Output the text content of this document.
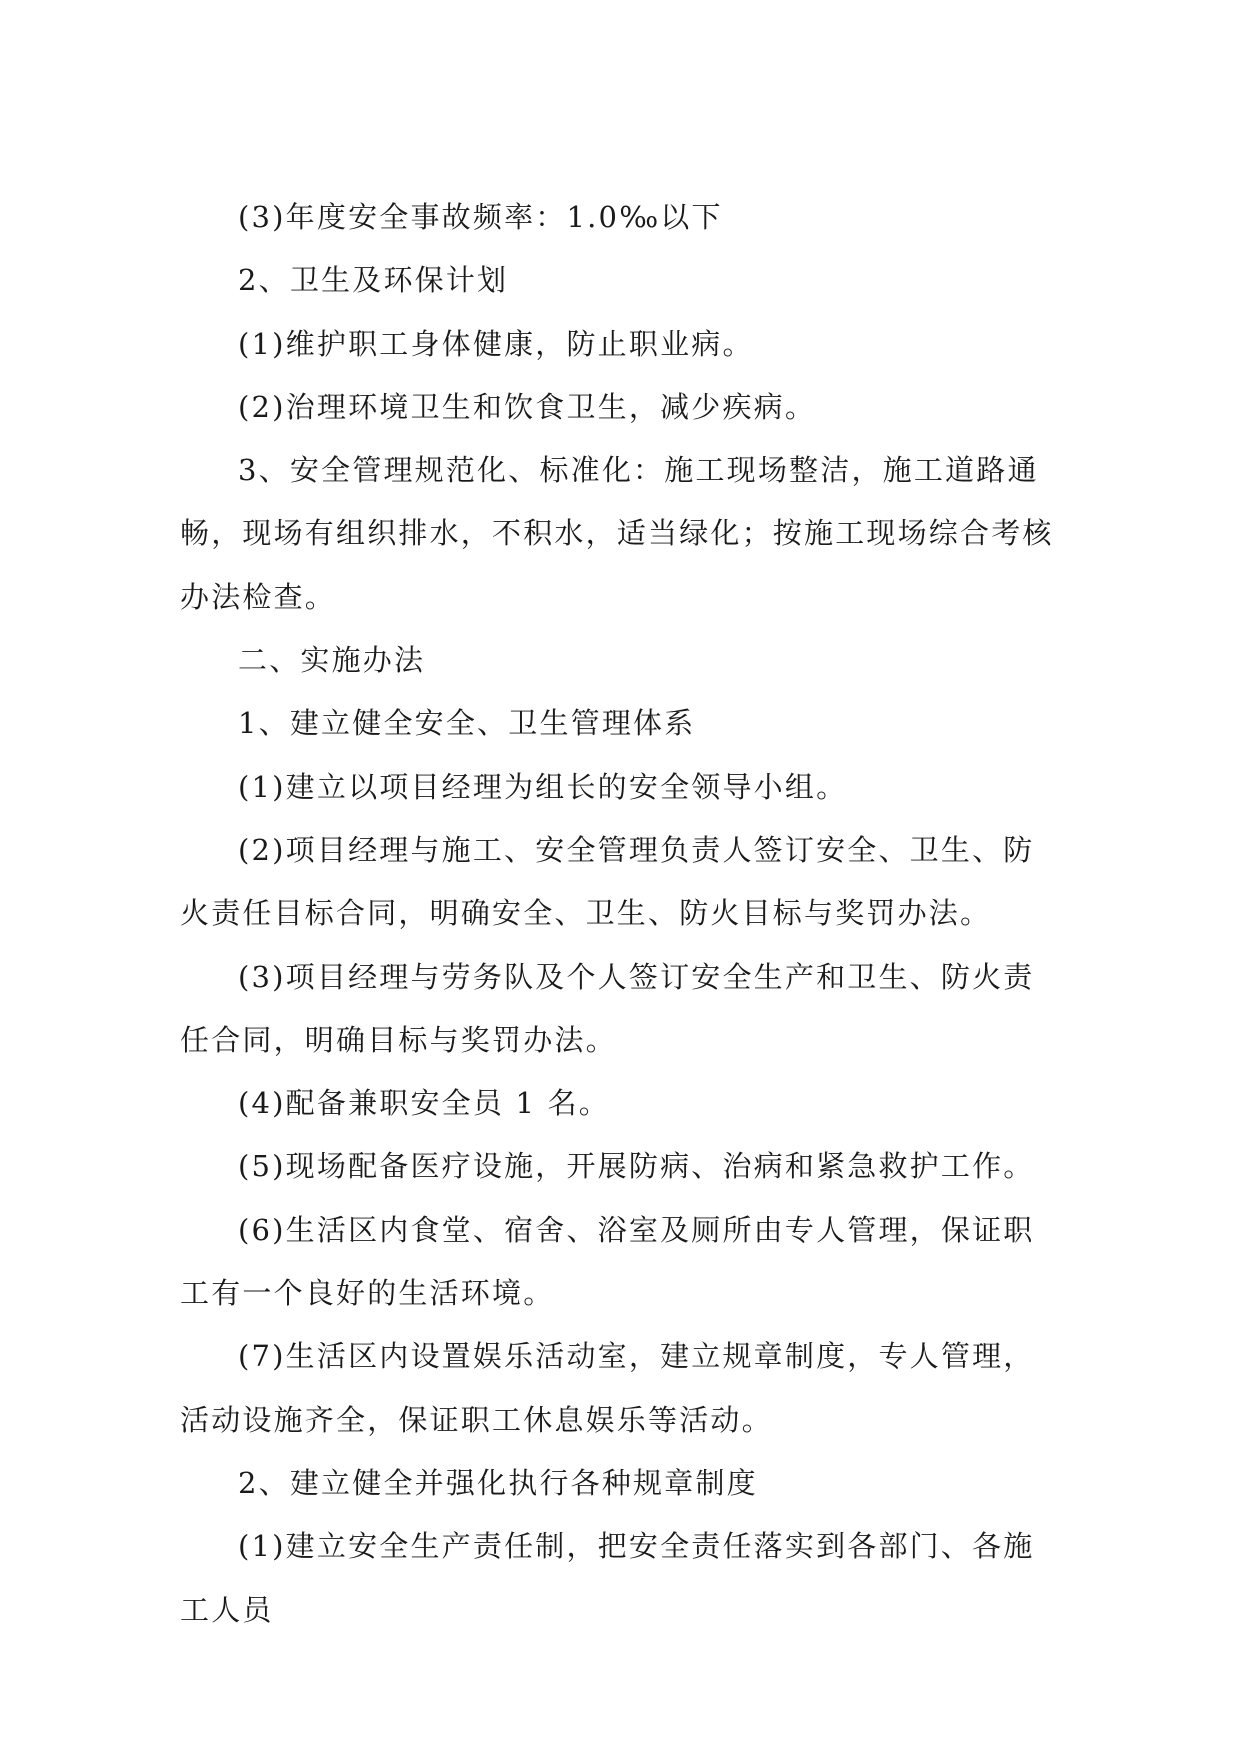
(3)年度安全事故频率：1.0‰以下

2、卫生及环保计划

(1)维护职工身体健康，防止职业病。

(2)治理环境卫生和饮食卫生，减少疾病。

3、安全管理规范化、标准化：施工现场整洁，施工道路通畅，现场有组织排水，不积水，适当绿化；按施工现场综合考核办法检查。

二、实施办法

1、建立健全安全、卫生管理体系

(1)建立以项目经理为组长的安全领导小组。

(2)项目经理与施工、安全管理负责人签订安全、卫生、防火责任目标合同，明确安全、卫生、防火目标与奖罚办法。

(3)项目经理与劳务队及个人签订安全生产和卫生、防火责任合同，明确目标与奖罚办法。

(4)配备兼职安全员 1 名。

(5)现场配备医疗设施，开展防病、治病和紧急救护工作。

(6)生活区内食堂、宿舍、浴室及厕所由专人管理，保证职工有一个良好的生活环境。

(7)生活区内设置娱乐活动室，建立规章制度，专人管理，活动设施齐全，保证职工休息娱乐等活动。

2、建立健全并强化执行各种规章制度

(1)建立安全生产责任制，把安全责任落实到各部门、各施工人员
